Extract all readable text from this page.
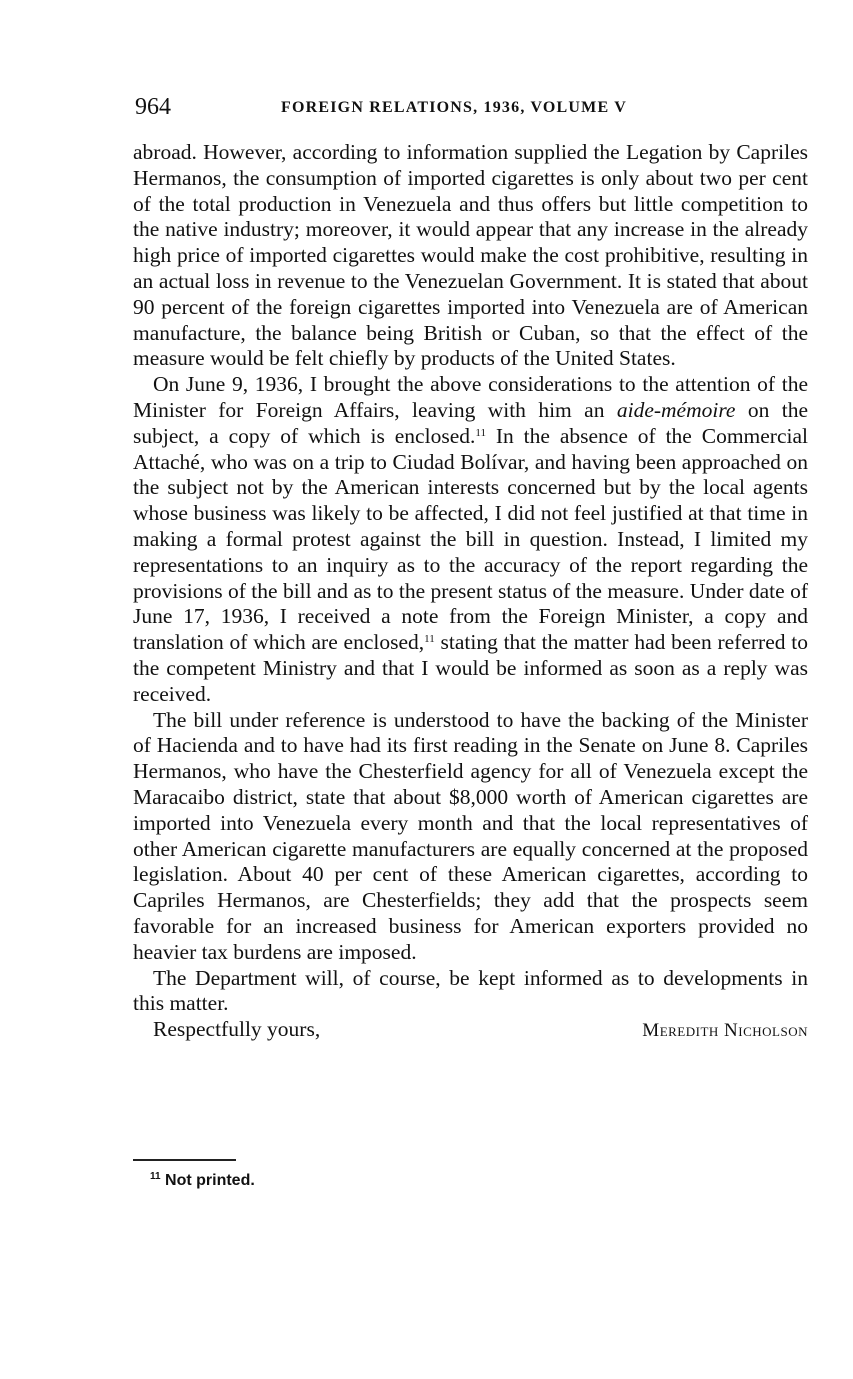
964	FOREIGN RELATIONS, 1936, VOLUME V

abroad. However, according to information supplied the Legation by Capriles Hermanos, the consumption of imported cigarettes is only about two per cent of the total production in Venezuela and thus offers but little competition to the native industry; moreover, it would appear that any increase in the already high price of imported cigarettes would make the cost prohibitive, resulting in an actual loss in revenue to the Venezuelan Government. It is stated that about 90 percent of the foreign cigarettes imported into Venezuela are of American manufacture, the balance being British or Cuban, so that the effect of the measure would be felt chiefly by products of the United States.

On June 9, 1936, I brought the above considerations to the attention of the Minister for Foreign Affairs, leaving with him an aide-mémoire on the subject, a copy of which is enclosed.$^{11}$ In the absence of the Commercial Attaché, who was on a trip to Ciudad Bolívar, and having been approached on the subject not by the American interests concerned but by the local agents whose business was likely to be affected, I did not feel justified at that time in making a formal protest against the bill in question. Instead, I limited my representations to an inquiry as to the accuracy of the report regarding the provisions of the bill and as to the present status of the measure. Under date of June 17, 1936, I received a note from the Foreign Minister, a copy and translation of which are enclosed,$^{11}$ stating that the matter had been referred to the competent Ministry and that I would be informed as soon as a reply was received.

The bill under reference is understood to have the backing of the Minister of Hacienda and to have had its first reading in the Senate on June 8. Capriles Hermanos, who have the Chesterfield agency for all of Venezuela except the Maracaibo district, state that about $8,000 worth of American cigarettes are imported into Venezuela every month and that the local representatives of other American cigarette manufacturers are equally concerned at the proposed legislation. About 40 per cent of these American cigarettes, according to Capriles Hermanos, are Chesterfields; they add that the prospects seem favorable for an increased business for American exporters provided no heavier tax burdens are imposed.

The Department will, of course, be kept informed as to developments in this matter.

Respectfully yours,	Meredith Nicholson
$^{11}$ Not printed.
